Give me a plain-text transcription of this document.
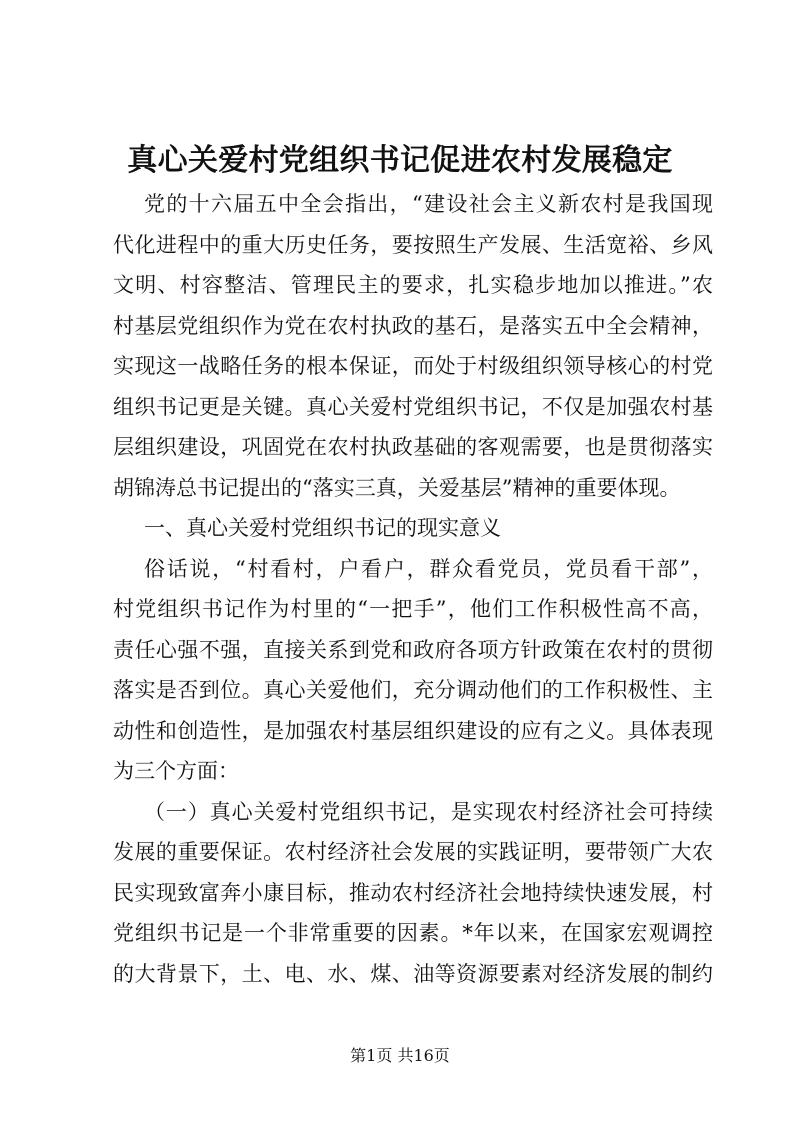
真心关爱村党组织书记促进农村发展稳定
党的十六届五中全会指出，“建设社会主义新农村是我国现
代化进程中的重大历史任务，要按照生产发展、生活宽裕、乡风
文明、村容整洁、管理民主的要求，扎实稳步地加以推进。”农
村基层党组织作为党在农村执政的基石，是落实五中全会精神，
实现这一战略任务的根本保证，而处于村级组织领导核心的村党
组织书记更是关键。真心关爱村党组织书记，不仅是加强农村基
层组织建设，巩固党在农村执政基础的客观需要，也是贯彻落实
胡锦涛总书记提出的“落实三真，关爱基层”精神的重要体现。
一、真心关爱村党组织书记的现实意义
俗话说，“村看村，户看户，群众看党员，党员看干部”，
村党组织书记作为村里的“一把手”，他们工作积极性高不高，
责任心强不强，直接关系到党和政府各项方针政策在农村的贯彻
落实是否到位。真心关爱他们，充分调动他们的工作积极性、主
动性和创造性，是加强农村基层组织建设的应有之义。具体表现
为三个方面：
（一）真心关爱村党组织书记，是实现农村经济社会可持续
发展的重要保证。农村经济社会发展的实践证明，要带领广大农
民实现致富奔小康目标，推动农村经济社会地持续快速发展，村
党组织书记是一个非常重要的因素。*年以来，在国家宏观调控
的大背景下，土、电、水、煤、油等资源要素对经济发展的制约
第1页 共16页
